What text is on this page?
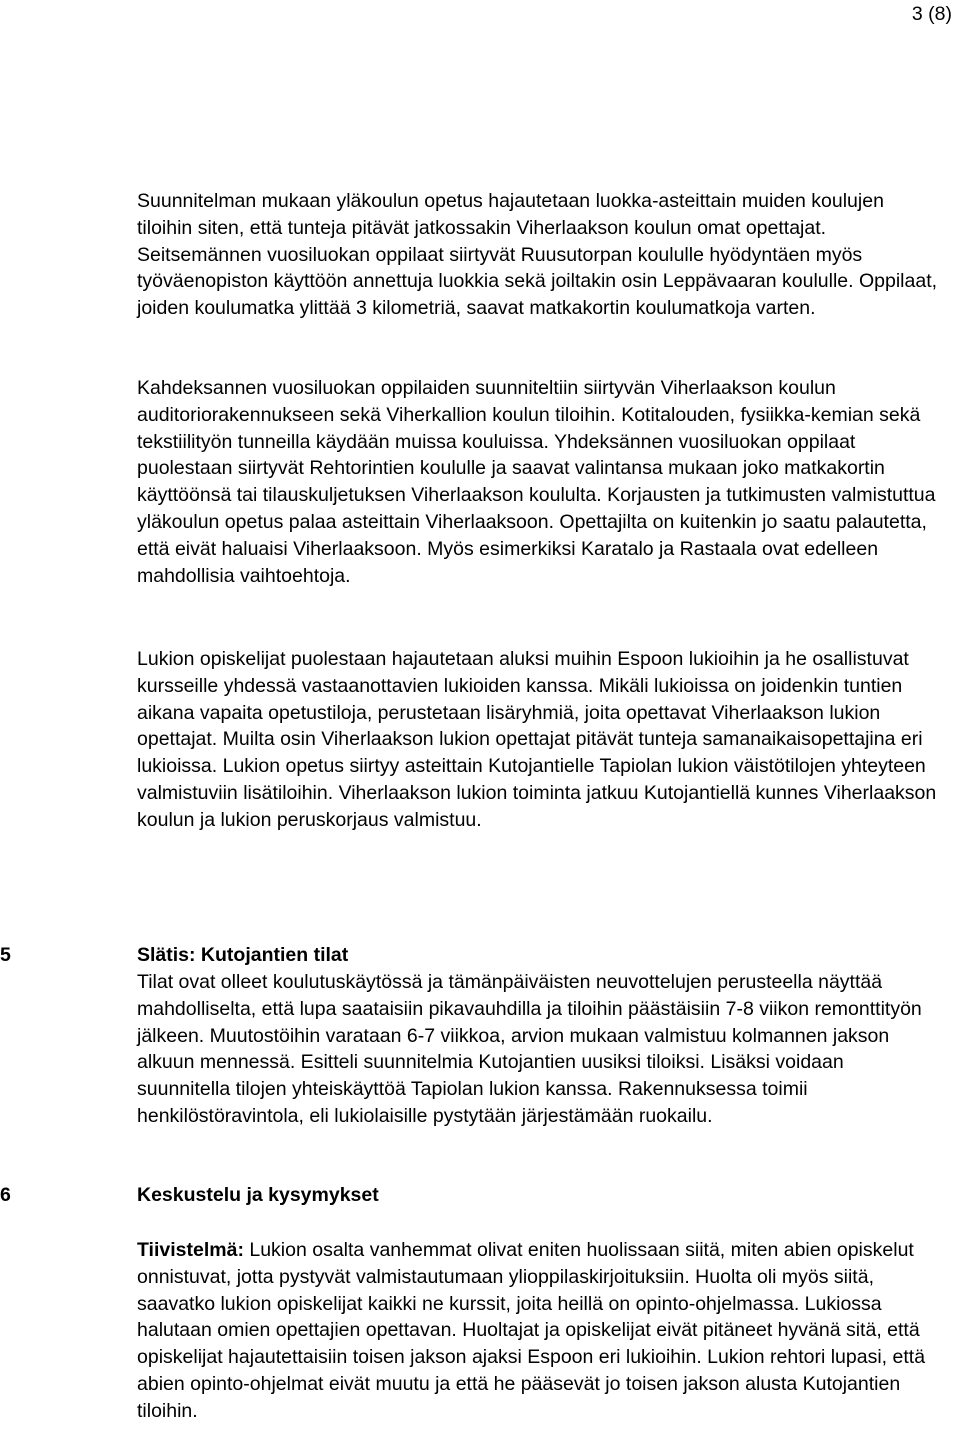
3 (8)

Suunnitelman mukaan yläkoulun opetus hajautetaan luokka-asteittain muiden koulujen tiloihin siten, että tunteja pitävät jatkossakin Viherlaakson koulun omat opettajat. Seitsemännen vuosiluokan oppilaat siirtyvät Ruusutorpan koululle hyödyntäen myös työväenopiston käyttöön annettuja luokkia sekä joiltakin osin Leppävaaran koululle. Oppilaat, joiden koulumatka ylittää 3 kilometriä, saavat matkakortin koulumatkoja varten.

Kahdeksannen vuosiluokan oppilaiden suunniteltiin siirtyvän Viherlaakson koulun auditoriorakennukseen sekä Viherkallion koulun tiloihin. Kotitalouden, fysiikka-kemian sekä tekstiilityön tunneilla käydään muissa kouluissa. Yhdeksännen vuosiluokan oppilaat puolestaan siirtyvät Rehtorintien koululle ja saavat valintansa mukaan joko matkakortin käyttöönsä tai tilauskuljetuksen Viherlaakson koululta. Korjausten ja tutkimusten valmistuttua yläkoulun opetus palaa asteittain Viherlaaksoon. Opettajilta on kuitenkin jo saatu palautetta, että eivät haluaisi Viherlaaksoon. Myös esimerkiksi Karatalo ja Rastaala ovat edelleen mahdollisia vaihtoehtoja.

Lukion opiskelijat puolestaan hajautetaan aluksi muihin Espoon lukioihin ja he osallistuvat kursseille yhdessä vastaanottavien lukioiden kanssa. Mikäli lukioissa on joidenkin tuntien aikana vapaita opetustiloja, perustetaan lisäryhmiä, joita opettavat Viherlaakson lukion opettajat. Muilta osin Viherlaakson lukion opettajat pitävät tunteja samanaikaisopettajina eri lukioissa. Lukion opetus siirtyy asteittain Kutojantielle Tapiolan lukion väistötilojen yhteyteen valmistuviin lisätiloihin. Viherlaakson lukion toiminta jatkuu Kutojantiellä kunnes Viherlaakson koulun ja lukion peruskorjaus valmistuu.

5	Slätis: Kutojantien tilat

Tilat ovat olleet koulutuskäytössä ja tämänpäiväisten neuvottelujen perusteella näyttää mahdolliselta, että lupa saataisiin pikavauhdilla ja tiloihin päästäisiin 7-8 viikon remonttityön jälkeen. Muutostöihin varataan 6-7 viikkoa, arvion mukaan valmistuu kolmannen jakson alkuun mennessä. Esitteli suunnitelmia Kutojantien uusiksi tiloiksi. Lisäksi voidaan suunnitella tilojen yhteiskäyttöä Tapiolan lukion kanssa. Rakennuksessa toimii henkilöstöravintola, eli lukiolaisille pystytään järjestämään ruokailu.

6	Keskustelu ja kysymykset

Tiivistelmä: Lukion osalta vanhemmat olivat eniten huolissaan siitä, miten abien opiskelut onnistuvat, jotta pystyvät valmistautumaan ylioppilaskirjoituksiin. Huolta oli myös siitä, saavatko lukion opiskelijat kaikki ne kurssit, joita heillä on opinto-ohjelmassa. Lukiossa halutaan omien opettajien opettavan. Huoltajat ja opiskelijat eivät pitäneet hyvänä sitä, että opiskelijat hajautettaisiin toisen jakson ajaksi Espoon eri lukioihin. Lukion rehtori lupasi, että abien opinto-ohjelmat eivät muutu ja että he pääsevät jo toisen jakson alusta Kutojantien tiloihin.
